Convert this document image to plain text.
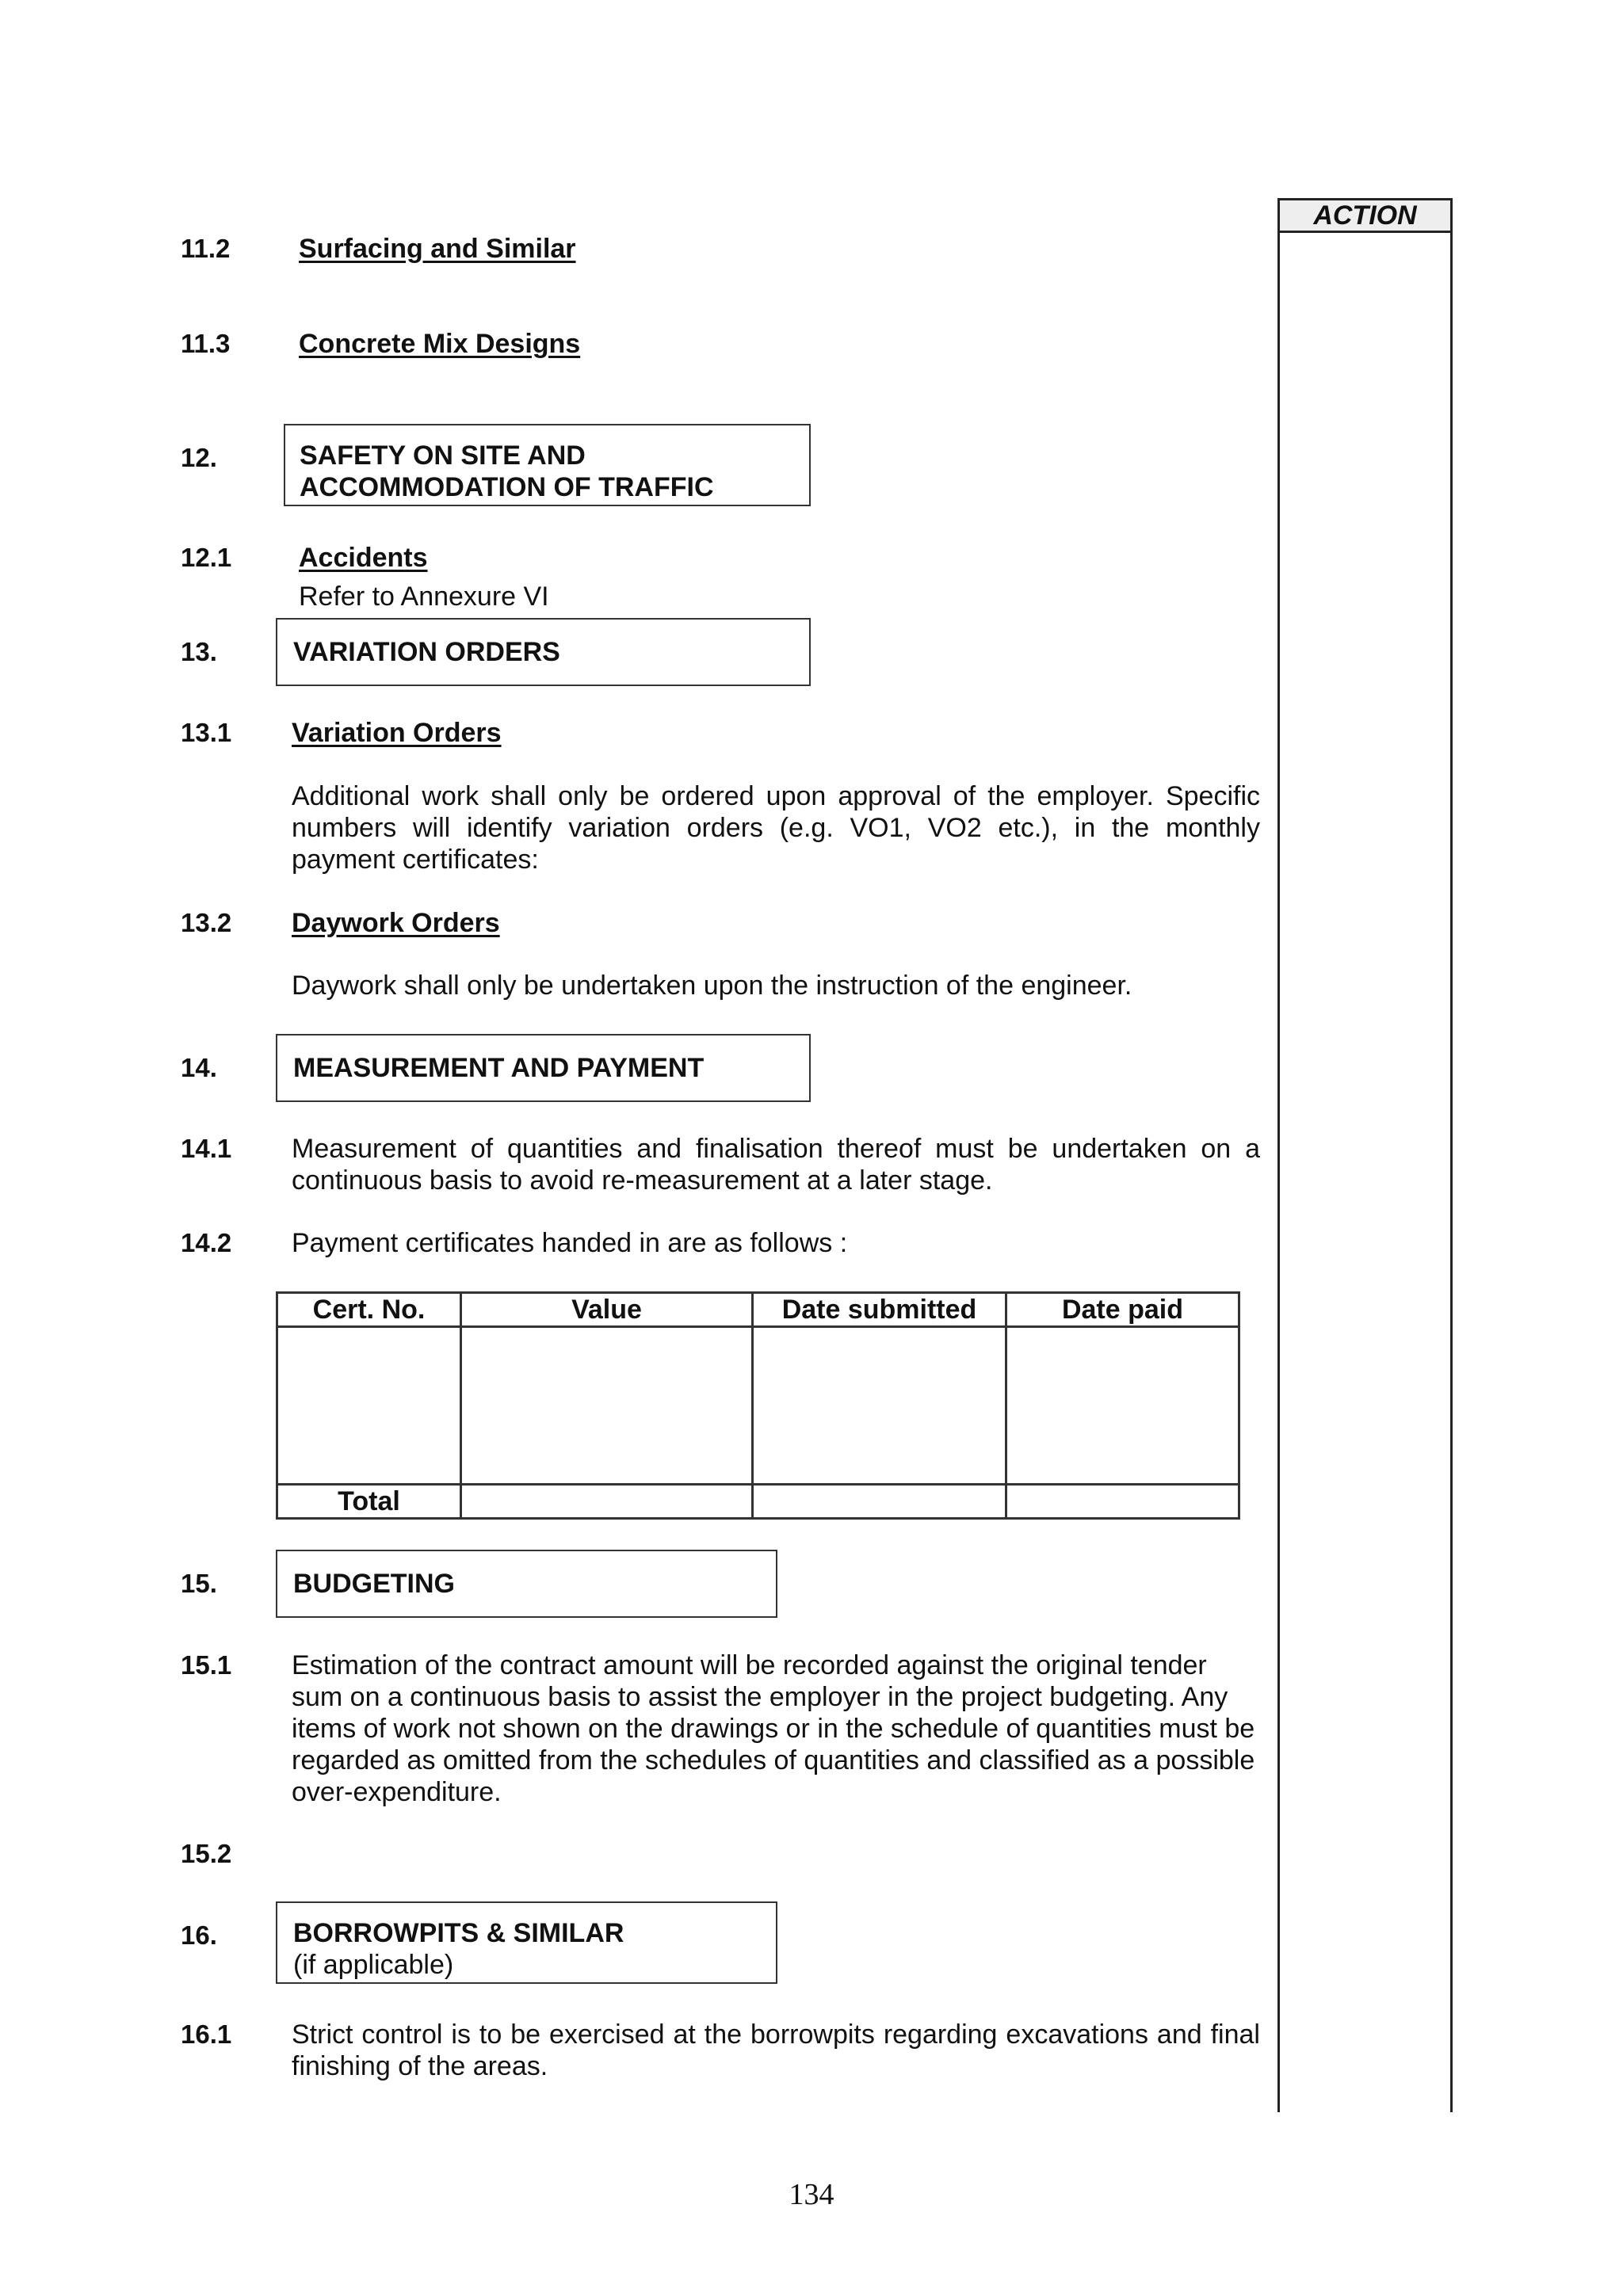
ACTION
11.2	Surfacing and Similar
11.3	Concrete Mix Designs
12.	SAFETY ON SITE AND
ACCOMMODATION OF TRAFFIC
12.1 Accidents
Refer to Annexure VI
13.	VARIATION ORDERS
13.1 Variation Orders
Additional work shall only be ordered upon approval of the employer. Specific numbers will identify variation orders (e.g. VO1, VO2 etc.), in the monthly payment certificates:
13.2 Daywork Orders
Daywork shall only be undertaken upon the instruction of the engineer.
14.	MEASUREMENT AND PAYMENT
14.1 Measurement of quantities and finalisation thereof must be undertaken on a continuous basis to avoid re-measurement at a later stage.
14.2 Payment certificates handed in are as follows :
Cert. No.	Value	Date submitted	Date paid

Total			
15.	BUDGETING
15.1 Estimation of the contract amount will be recorded against the original tender sum on a continuous basis to assist the employer in the project budgeting. Any items of work not shown on the drawings or in the schedule of quantities must be regarded as omitted from the schedules of quantities and classified as a possible over-expenditure.
15.2
16.	BORROWPITS & SIMILAR
(if applicable)
16.1 Strict control is to be exercised at the borrowpits regarding excavations and final finishing of the areas.
134
